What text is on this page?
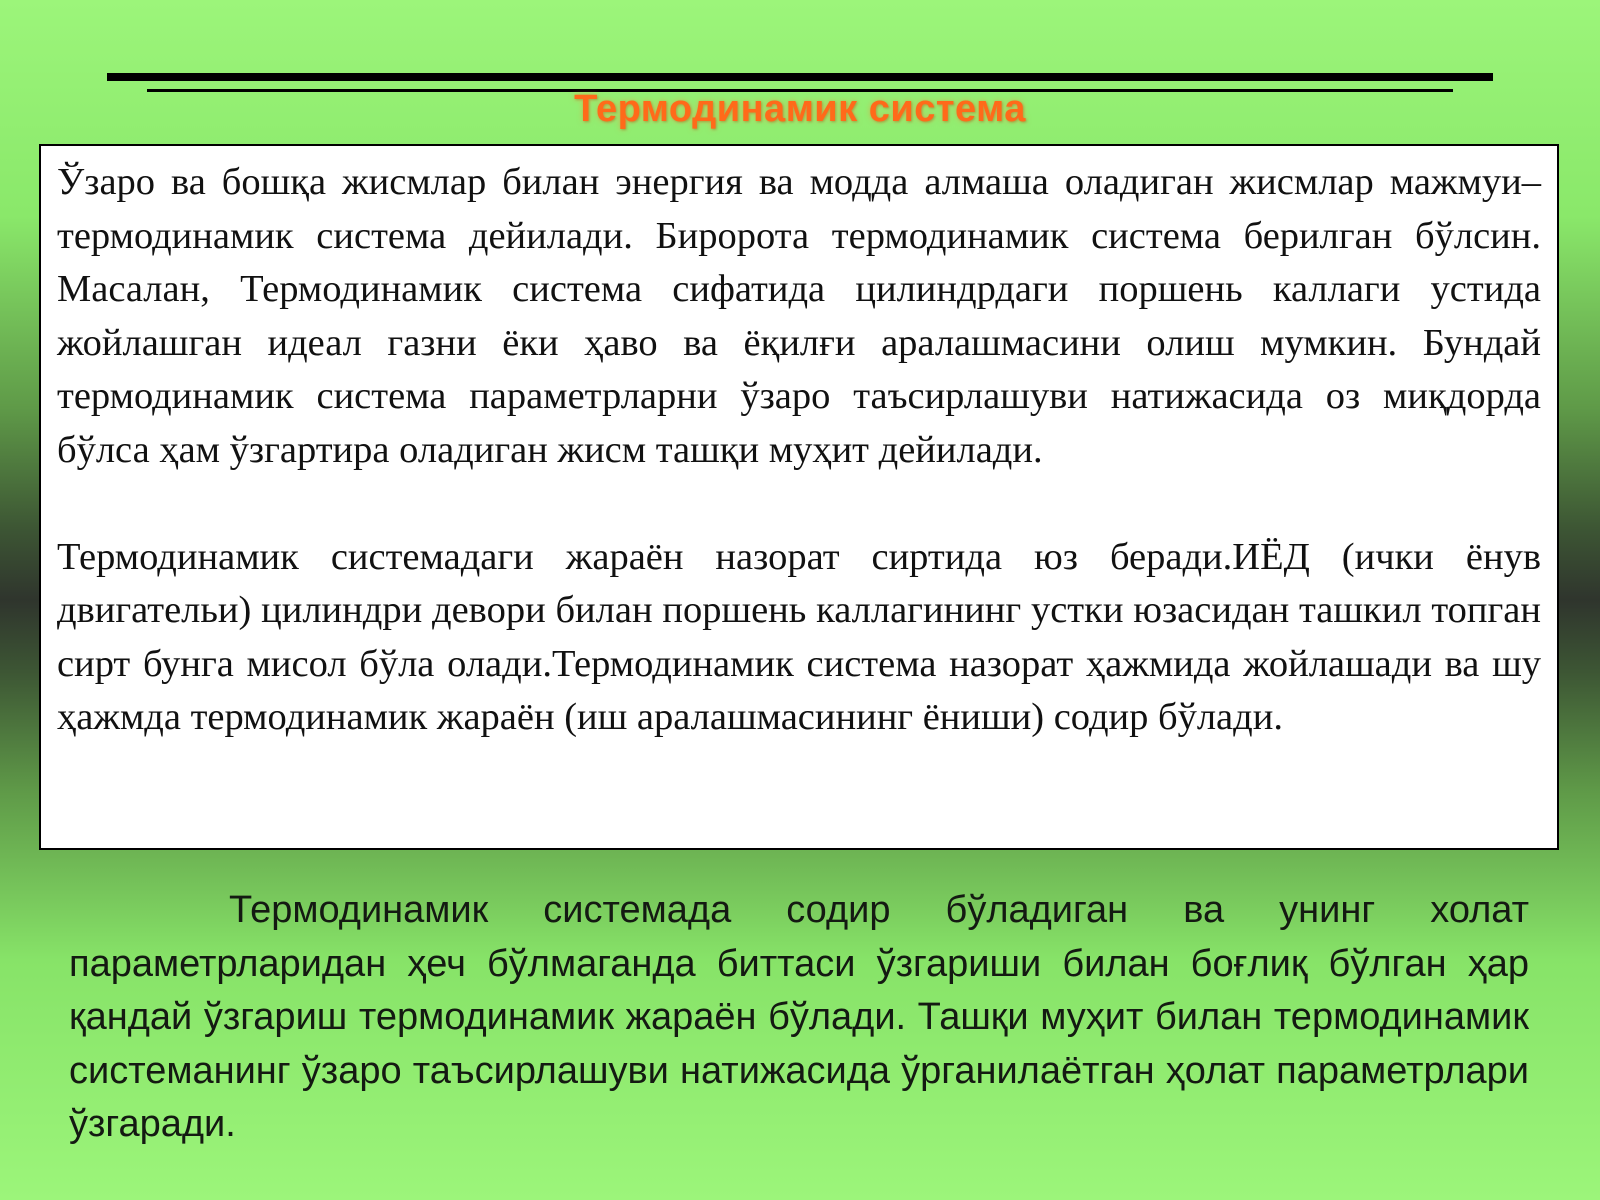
Термодинамик система

Ўзаро ва бошқа жисмлар билан энергия ва модда алмаша оладиган жисмлар мажмуи–термодинамик система дейилади. Биророта термодинамик система берилган бўлсин. Масалан, Термодинамик система сифатида цилиндрдаги поршень каллаги устида жойлашган идеал газни ёки ҳаво ва ёқилғи аралашмасини олиш мумкин. Бундай термодинамик система параметрларни ўзаро таъсирлашуви натижасида оз миқдорда бўлса ҳам ўзгартира оладиган жисм ташқи муҳит дейилади.

Термодинамик системадаги жараён назорат сиртида юз беради.ИЁД (ички ёнув двигательи) цилиндри девори билан поршень каллагининг устки юзасидан ташкил топган сирт бунга мисол бўла олади.Термодинамик система назорат ҳажмида жойлашади ва шу ҳажмда термодинамик жараён (иш аралашмасининг ёниши) содир бўлади.

Термодинамик системада содир бўладиган ва унинг холат параметрларидан ҳеч бўлмаганда биттаси ўзгариши билан боғлиқ бўлган ҳар қандай ўзгариш термодинамик жараён бўлади. Ташқи муҳит билан термодинамик системанинг ўзаро таъсирлашуви натижасида ўрганилаётган ҳолат параметрлари ўзгаради.
